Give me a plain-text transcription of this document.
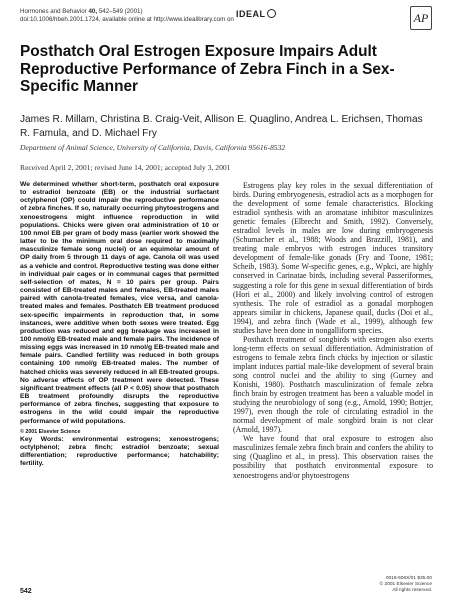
Hormones and Behavior 40, 542–549 (2001)
doi:10.1006/hbeh.2001.1724, available online at http://www.idealibrary.com on
IDEAL	AP
Posthatch Oral Estrogen Exposure Impairs Adult Reproductive Performance of Zebra Finch in a Sex-Specific Manner

James R. Millam, Christina B. Craig-Veit, Allison E. Quaglino, Andrea L. Erichsen, Thomas R. Famula, and D. Michael Fry

Department of Animal Science, University of California, Davis, California 95616-8532
Received April 2, 2001; revised June 14, 2001; accepted July 3, 2001

We determined whether short-term, posthatch oral exposure to estradiol benzoate (EB) or the industrial surfactant octylphenol (OP) could impair the reproductive performance of zebra finches. If so, naturally occurring phytoestrogens and xenoestrogens might influence reproduction in wild populations. Chicks were given oral administration of 10 or 100 nmol EB per gram of body mass (earlier work showed the latter to be the minimum oral dose required to maximally masculinize female song nuclei) or an equimolar amount of OP daily from 5 through 11 days of age. Canola oil was used as a vehicle and control. Reproductive testing was done either in individual pair cages or in communal cages that permitted self-selection of mates, N = 10 pairs per group. Pairs consisted of EB-treated males and females, EB-treated males paired with canola-treated females, vice versa, and canola-treated males and females. Posthatch EB treatment produced sex-specific impairments in reproduction that, in some instances, were additive when both sexes were treated. Egg production was reduced and egg breakage was increased in 100 nmol/g EB-treated male and female pairs. The incidence of missing eggs was increased in 10 nmol/g EB-treated male and female pairs. Candled fertility was reduced in both groups containing 100 nmol/g EB-treated males. The number of hatched chicks was severely reduced in all EB-treated groups. No adverse effects of OP treatment were detected. These significant treatment effects (all P < 0.05) show that posthatch EB treatment profoundly disrupts the reproductive performance of zebra finches, suggesting that exposure to estrogens in the wild could impair the reproductive performance of wild populations.

© 2001 Elsevier Science

Key Words: environmental estrogens; xenoestrogens; octylphenol; zebra finch; estradiol benzoate; sexual differentiation; reproductive performance; hatchability; fertility.

Estrogens play key roles in the sexual differentiation of birds. During embryogenesis, estradiol acts as a morphogen for the development of some female characteristics. Blocking estradiol synthesis with an aromatase inhibitor masculinizes genetic females (Elbrecht and Smith, 1992). Conversely, estradiol levels in males are low during embryogenesis (Schumacher et al., 1988; Woods and Brazzill, 1981), and treating male embryos with estrogen induces transitory development of female-like gonads (Fry and Toone, 1981; Scheib, 1983). Some W-specific genes, e.g., Wpkci, are highly conserved in Carinatae birds, including several Passeriformes, suggesting a role for this gene in sexual differentiation of birds (Hori et al., 2000) and likely involving control of estrogen synthesis. The role of estradiol as a gonadal morphogen appears similar in chickens, Japanese quail, ducks (Doi et al., 1994), and zebra finch (Wade et al., 1999), although few studies have been done in nongalliform species.

Posthatch treatment of songbirds with estrogen also exerts long-term effects on sexual differentiation. Administration of estrogens to female zebra finch chicks by injection or silastic implant induces partial male-like development of several brain song control nuclei and the ability to sing (Gurney and Konishi, 1980). Posthatch masculinization of female zebra finch brain by estrogen treatment has been a valuable model in studying the neurobiology of song (e.g., Arnold, 1990; Bottjer, 1997), even though the role of circulating estradiol in the normal development of male songbird brain is not clear (Arnold, 1997).

We have found that oral exposure to estrogen also masculinizes female zebra finch brain and confers the ability to sing (Quaglino et al., in press). This observation raises the possibility that posthatch environmental exposure to xenoestrogens and/or phytoestrogens

542
0018-506X/01 $35.00
© 2001 Elsevier Science
All rights reserved.
